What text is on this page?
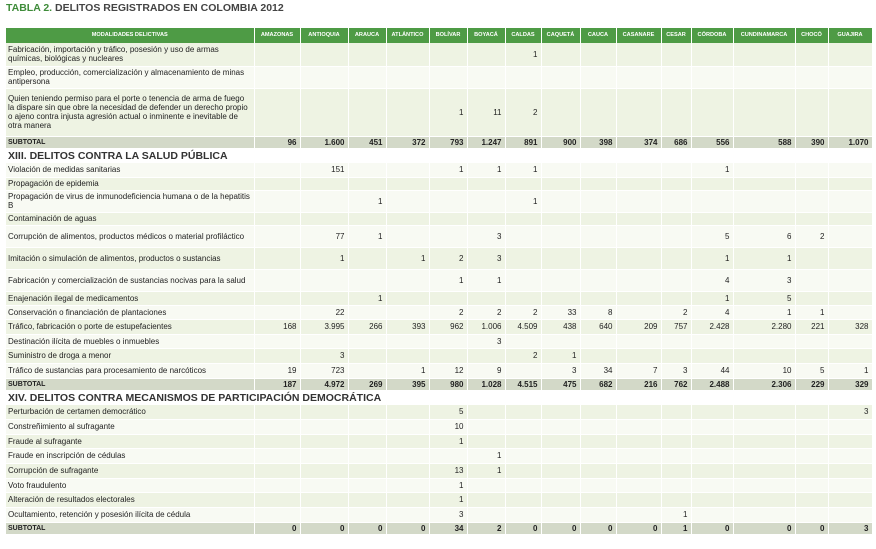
TABLA 2. DELITOS REGISTRADOS EN COLOMBIA 2012
MODALIDADES DELICTIVAS	AMAZONAS	ANTIOQUIA	ARAUCA	ATLÁNTICO	BOLÍVAR	BOYACÁ	CALDAS	CAQUETÁ	CAUCA	CASANARE	CESAR	CÓRDOBA	CUNDINAMARCA	CHOCÓ	GUAJIRA
Fabricación, importación y tráfico, posesión y uso de armas químicas, biológicas y nucleares							1								
Empleo, producción, comercialización y almacenamiento de minas antipersona															
Quien teniendo permiso para el porte o tenencia de arma de fuego la dispare sin que obre la necesidad de defender un derecho propio o ajeno contra injusta agresión actual o inminente e inevitable de otra manera					1	11	2								
SUBTOTAL	96	1.600	451	372	793	1.247	891	900	398	374	686	556	588	390	1.070
XIII. DELITOS CONTRA LA SALUD PÚBLICA															
Violación de medidas sanitarias		151			1	1	1					1			
Propagación de epidemia															
Propagación de virus de inmunodeficiencia humana o de la hepatitis B			1				1								
Contaminación de aguas															
Corrupción de alimentos, productos médicos o material profiláctico		77	1			3						5	6	2	
Imitación o simulación de alimentos, productos o sustancias		1		1	2	3						1	1		
Fabricación y comercialización de sustancias nocivas para la salud					1	1						4	3		
Enajenación ilegal de medicamentos			1									1	5		
Conservación o financiación de plantaciones		22			2	2	2	33	8		2	4	1	1	
Tráfico, fabricación o porte de estupefacientes	168	3.995	266	393	962	1.006	4.509	438	640	209	757	2.428	2.280	221	328
Destinación ilícita de muebles o inmuebles						3									
Suministro de droga a menor		3					2	1							
Tráfico de sustancias para procesamiento de narcóticos	19	723		1	12	9		3	34	7	3	44	10	5	1
SUBTOTAL	187	4.972	269	395	980	1.028	4.515	475	682	216	762	2.488	2.306	229	329
XIV. DELITOS CONTRA MECANISMOS DE PARTICIPACIÓN DEMOCRÁTICA															
Perturbación de certamen democrático					5										3
Constreñimiento al sufragante					10										
Fraude al sufragante					1										
Fraude en inscripción de cédulas						1									
Corrupción de sufragante					13	1									
Voto fraudulento					1										
Alteración de resultados electorales					1										
Ocultamiento, retención y posesión ilícita de cédula					3						1				
SUBTOTAL	0	0	0	0	34	2	0	0	0	0	1	0	0	0	3
